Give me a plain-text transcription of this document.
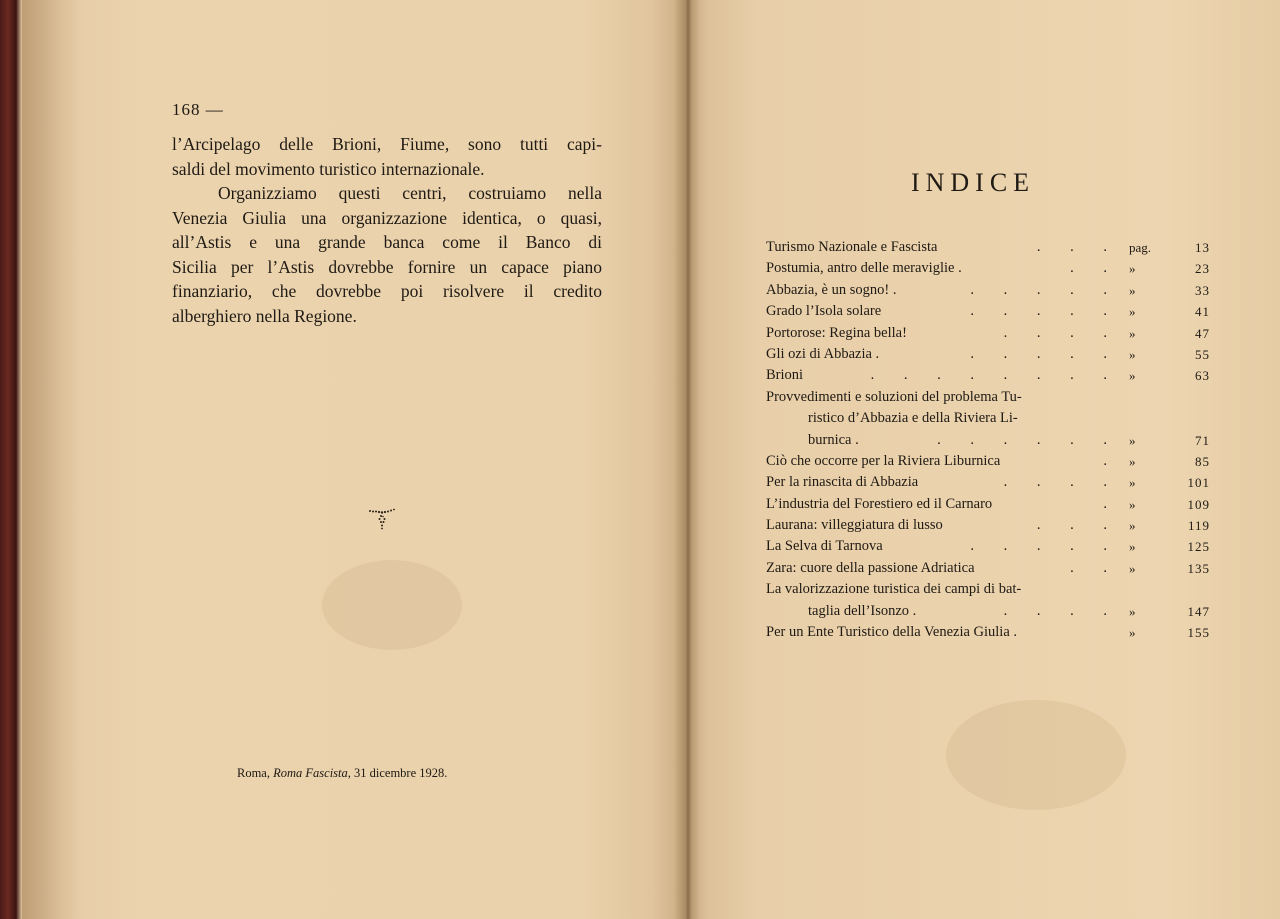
168 —
l’Arcipelago delle Brioni, Fiume, sono tutti capi-
saldi del movimento turistico internazionale.
Organizziamo questi centri, costruiamo nella
Venezia Giulia una organizzazione identica, o quasi,
all’Astis e una grande banca come il Banco di
Sicilia per l’Astis dovrebbe fornire un capace piano
finanziario, che dovrebbe poi risolvere il credito
alberghiero nella Regione.
Roma, Roma Fascista, 31 dicembre 1928.
INDICE
Turismo Nazionale e Fascista	. . . pag.	13
Postumia, antro delle meraviglie .	. . »	23
Abbazia, è un sogno! .	. . . . . »	33
Grado l’Isola solare	. . . . . »	41
Portorose: Regina bella!	. . . . »	47
Gli ozi di Abbazia .	. . . . . »	55
Brioni	. . . . . . . . »	63
Provvedimenti e soluzioni del problema Tu-
ristico d’Abbazia e della Riviera Li-
burnica .	. . . . . . »	71
Ciò che occorre per la Riviera Liburnica	. »	85
Per la rinascita di Abbazia	. . . . »	101
L’industria del Forestiero ed il Carnaro	. »	109
Laurana: villeggiatura di lusso	. . . »	119
La Selva di Tarnova	. . . . . »	125
Zara: cuore della passione Adriatica	. . »	135
La valorizzazione turistica dei campi di bat-
taglia dell’Isonzo .	. . . . »	147
Per un Ente Turistico della Venezia Giulia .	»	155
